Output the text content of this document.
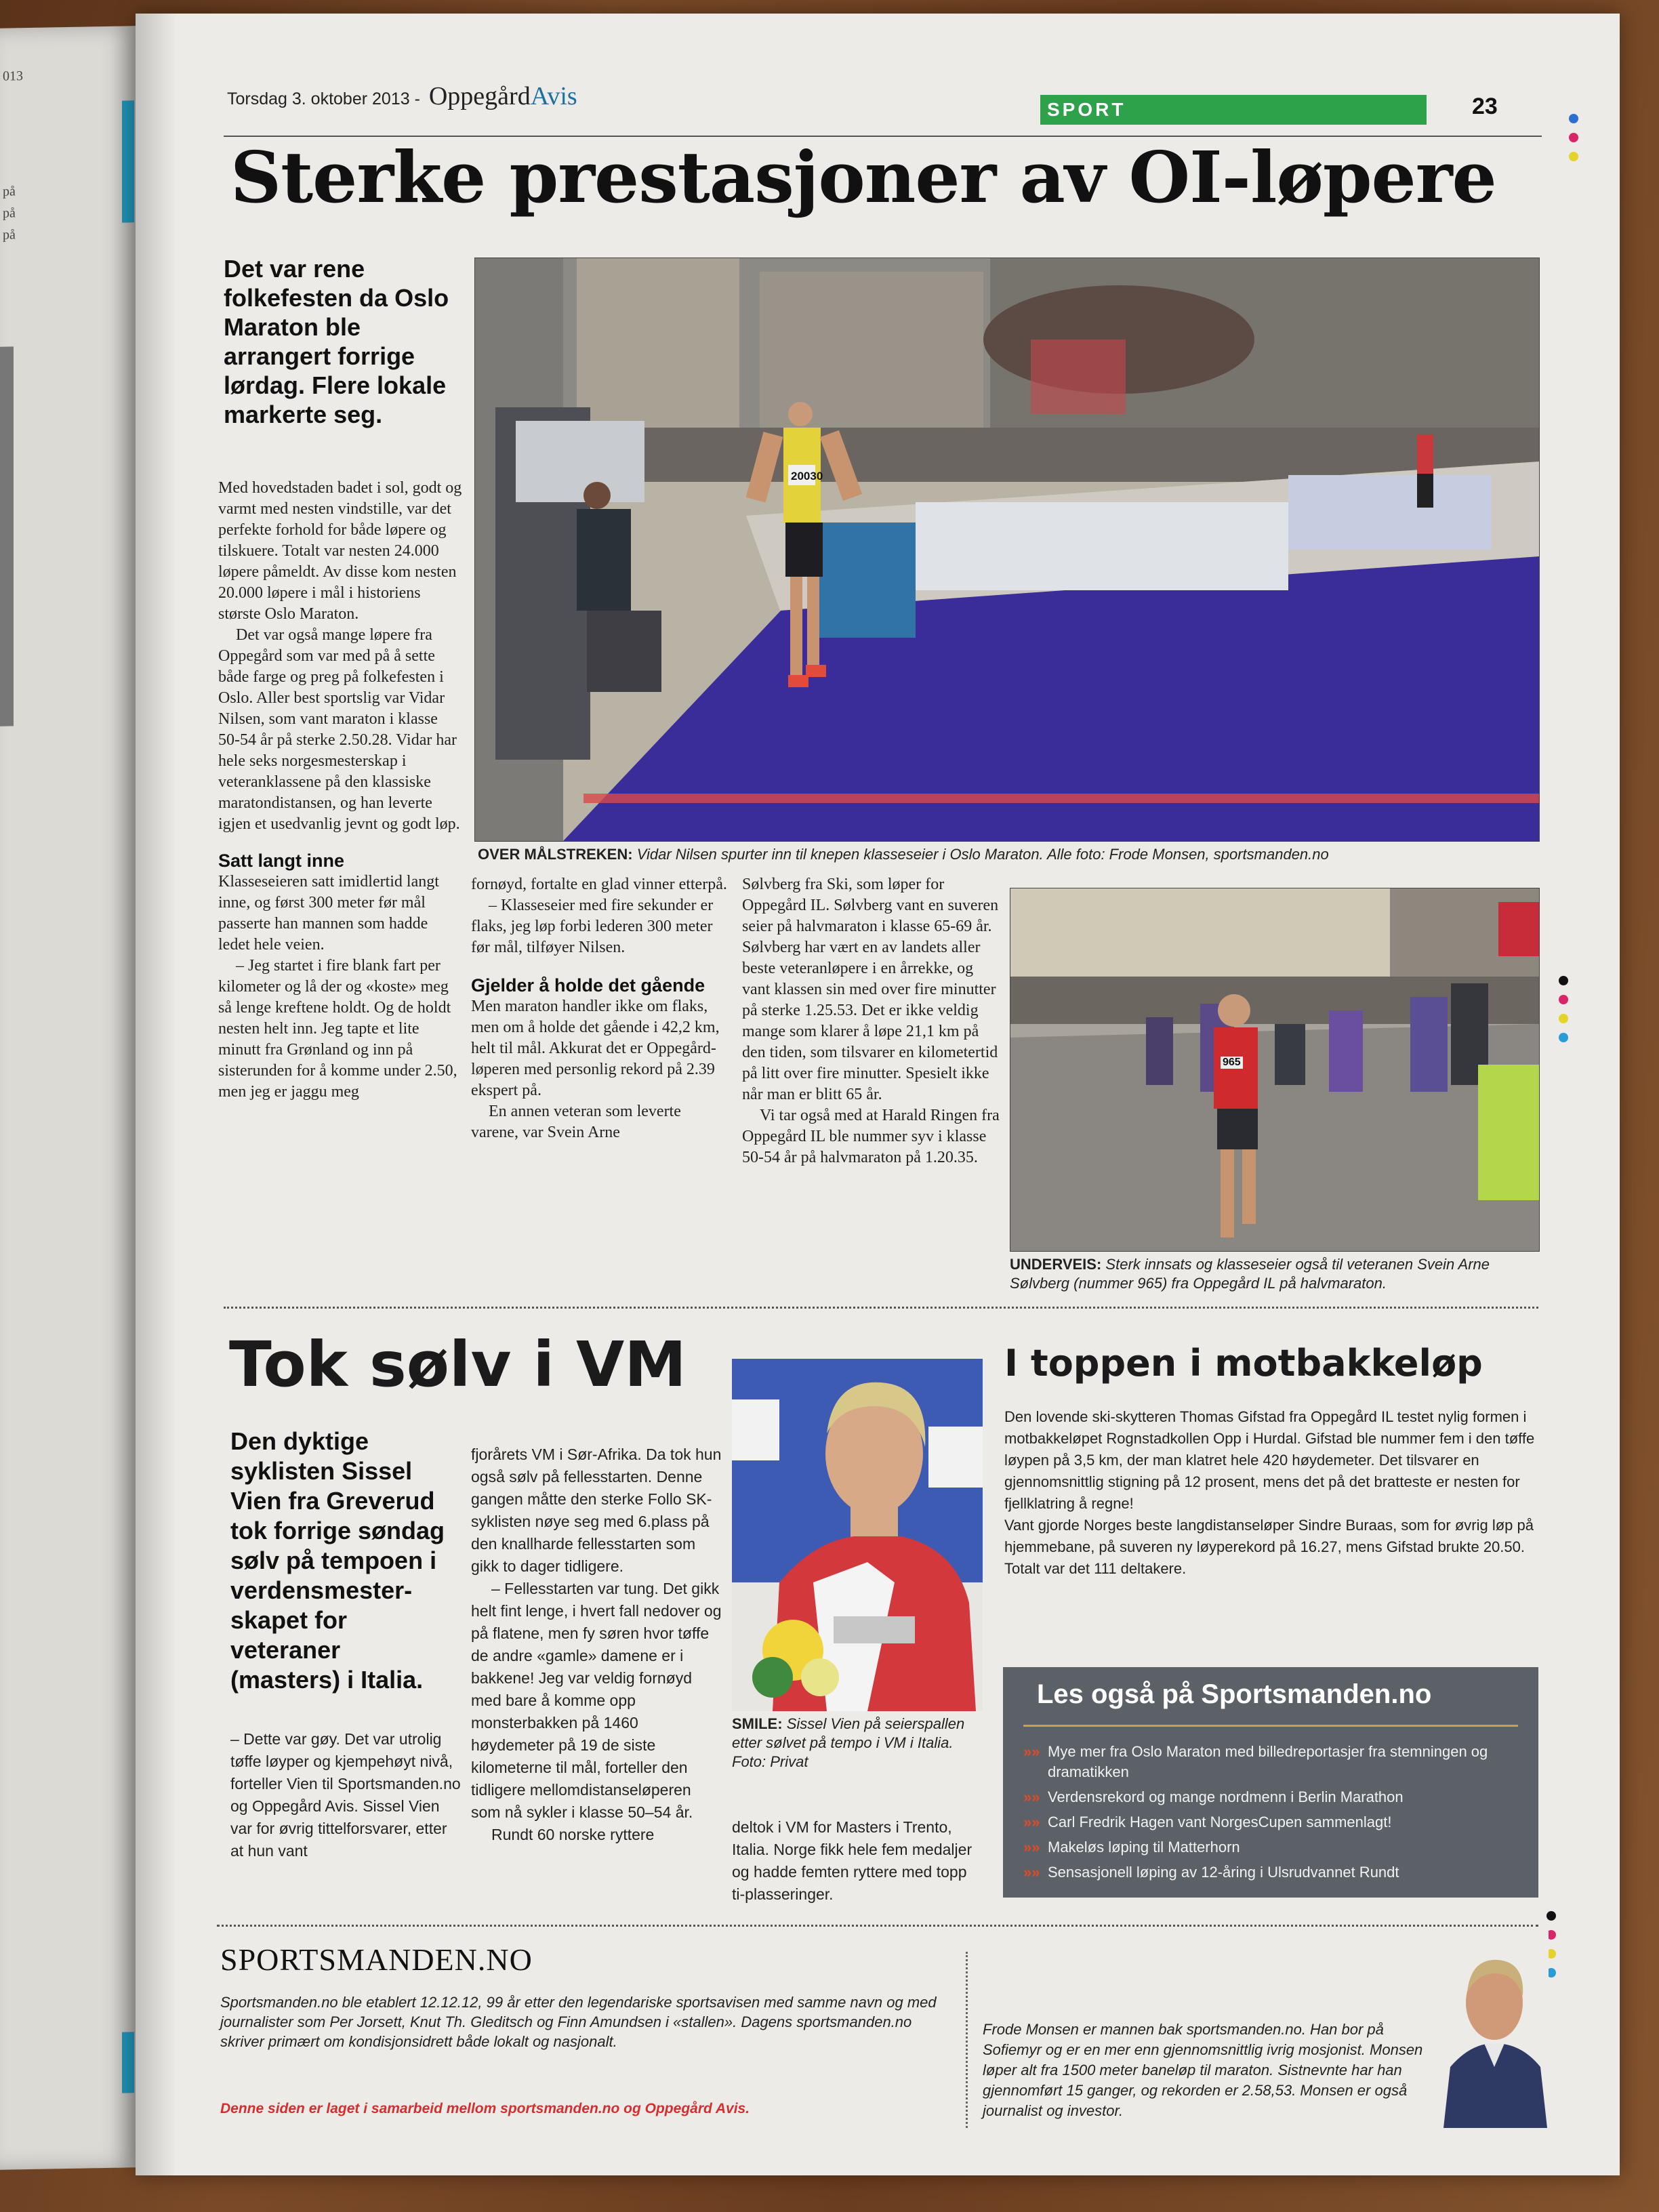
013
på
på
på
Torsdag 3. oktober 2013 - OppegårdAvis	SPORT	23
Sterke prestasjoner av OI-løpere
Det var rene folkefesten da Oslo Maraton ble arrangert forrige lørdag. Flere lokale markerte seg.

Med hovedstaden badet i sol, godt og varmt med nesten vindstille, var det perfekte forhold for både løpere og tilskuere. Totalt var nesten 24.000 løpere påmeldt. Av disse kom nesten 20.000 løpere i mål i historiens største Oslo Maraton.

Det var også mange løpere fra Oppegård som var med på å sette både farge og preg på folkefesten i Oslo. Aller best sportslig var Vidar Nilsen, som vant maraton i klasse 50-54 år på sterke 2.50.28. Vidar har hele seks norgesmesterskap i veteranklassene på den klassiske maratondistansen, og han leverte igjen et usedvanlig jevnt og godt løp.

Satt langt inne

Klasseseieren satt imidlertid langt inne, og først 300 meter før mål passerte han mannen som hadde ledet hele veien.

– Jeg startet i fire blank fart per kilometer og lå der og «koste» meg så lenge kreftene holdt. Og de holdt nesten helt inn. Jeg tapte et lite minutt fra Grønland og inn på sisterunden for å komme under 2.50, men jeg er jaggu meg

fornøyd, fortalte en glad vinner etterpå.

– Klasseseier med fire sekunder er flaks, jeg løp forbi lederen 300 meter før mål, tilføyer Nilsen.

Gjelder å holde det gående

Men maraton handler ikke om flaks, men om å holde det gående i 42,2 km, helt til mål. Akkurat det er Oppegård-løperen med personlig rekord på 2.39 ekspert på.

En annen veteran som leverte varene, var Svein Arne

Sølvberg fra Ski, som løper for Oppegård IL. Sølvberg vant en suveren seier på halvmaraton i klasse 65-69 år. Sølvberg har vært en av landets aller beste veteranløpere i en årrekke, og vant klassen sin med over fire minutter på sterke 1.25.53. Det er ikke veldig mange som klarer å løpe 21,1 km på den tiden, som tilsvarer en kilometertid på litt over fire minutter. Spesielt ikke når man er blitt 65 år.

Vi tar også med at Harald Ringen fra Oppegård IL ble nummer syv i klasse 50-54 år på halvmaraton på 1.20.35.

20030
OVER MÅLSTREKEN: Vidar Nilsen spurter inn til knepen klasseseier i Oslo Maraton. Alle foto: Frode Monsen, sportsmanden.no
965
UNDERVEIS: Sterk innsats og klasseseier også til veteranen Svein Arne Sølvberg (nummer 965) fra Oppegård IL på halvmaraton.
Tok sølv i VM
Den dyktige syklisten Sissel Vien fra Greverud tok forrige søndag sølv på tempoen i verdensmester-skapet for veteraner (masters) i Italia.

– Dette var gøy. Det var utrolig tøffe løyper og kjempehøyt nivå, forteller Vien til Sportsmanden.no og Oppegård Avis. Sissel Vien var for øvrig tittelforsvarer, etter at hun vant

fjorårets VM i Sør-Afrika. Da tok hun også sølv på fellesstarten. Denne gangen måtte den sterke Follo SK-syklisten nøye seg med 6.plass på den knallharde fellesstarten som gikk to dager tidligere.

– Fellesstarten var tung. Det gikk helt fint lenge, i hvert fall nedover og på flatene, men fy søren hvor tøffe de andre «gamle» damene er i bakkene! Jeg var veldig fornøyd med bare å komme opp monsterbakken på 1460 høydemeter på 19 de siste kilometerne til mål, forteller den tidligere mellomdistanseløperen som nå sykler i klasse 50–54 år.

Rundt 60 norske ryttere	deltok i VM for Masters i Trento, Italia. Norge fikk hele fem medaljer og hadde femten ryttere med topp ti-plasseringer.

SMILE: Sissel Vien på seierspallen etter sølvet på tempo i VM i Italia. Foto: Privat
I toppen i motbakkeløp

Den lovende ski-skytteren Thomas Gifstad fra Oppegård IL testet nylig formen i motbakkeløpet Rognstadkollen Opp i Hurdal. Gifstad ble nummer fem i den tøffe løypen på 3,5 km, der man klatret hele 420 høydemeter. Det tilsvarer en gjennomsnittlig stigning på 12 prosent, mens det på det bratteste er nesten for fjellklatring å regne!

Vant gjorde Norges beste langdistanseløper Sindre Buraas, som for øvrig løp på hjemmebane, på suveren ny løyperekord på 16.27, mens Gifstad brukte 20.50. Totalt var det 111 deltakere.

Les også på Sportsmanden.no
»» Mye mer fra Oslo Maraton med billedreportasjer fra stemningen og dramatikken
»» Verdensrekord og mange nordmenn i Berlin Marathon
»» Carl Fredrik Hagen vant NorgesCupen sammenlagt!
»» Makeløs løping til Matterhorn
»» Sensasjonell løping av 12-åring i Ulsrudvannet Rundt
SPORTSMANDEN.NO
Sportsmanden.no ble etablert 12.12.12, 99 år etter den legendariske sportsavisen med samme navn og med journalister som Per Jorsett, Knut Th. Gleditsch og Finn Amundsen i «stallen». Dagens sportsmanden.no skriver primært om kondisjonsidrett både lokalt og nasjonalt.
Denne siden er laget i samarbeid mellom sportsmanden.no og Oppegård Avis.
Frode Monsen er mannen bak sportsmanden.no. Han bor på Sofiemyr og er en mer enn gjennomsnittlig ivrig mosjonist. Monsen løper alt fra 1500 meter baneløp til maraton. Sistnevnte har han gjennomført 15 ganger, og rekorden er 2.58,53. Monsen er også journalist og investor.
